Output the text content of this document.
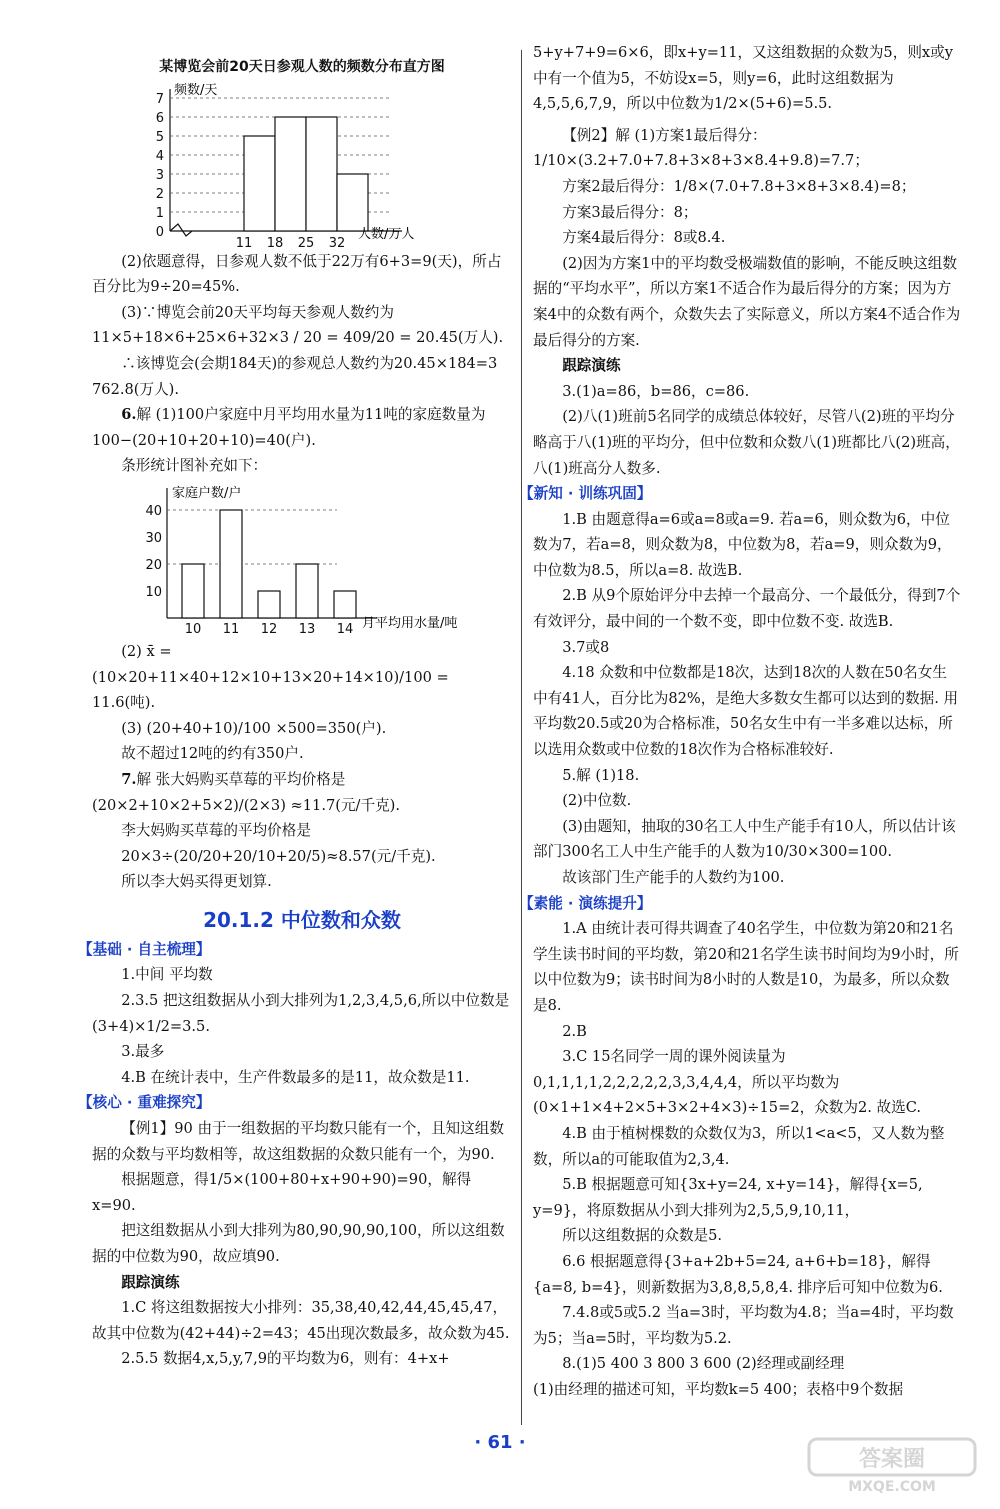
某博览会前20天日参观人数的频数分布直方图

0
1
2
3
4
5
6
7
频数/天
11 18 25 32
人数/万人

(2)依题意得，日参观人数不低于22万有6+3=9(天)，所占百分比为9÷20=45%.

(3)∵博览会前20天平均每天参观人数约为

11×5+18×6+25×6+32×3 / 20 = 409/20 = 20.45(万人).

∴该博览会(会期184天)的参观总人数约为20.45×184=3 762.8(万人).

6.解 (1)100户家庭中月平均用水量为11吨的家庭数量为100−(20+10+20+10)=40(户).

条形统计图补充如下：

10
20
30
40
家庭户数/户
10 11 12 13 14 月平均用水量/吨

(2) x̄ = (10×20+11×40+12×10+13×20+14×10)/100 =

11.6(吨).

(3) (20+40+10)/100 ×500=350(户).

故不超过12吨的约有350户.

7.解 张大妈购买草莓的平均价格是

(20×2+10×2+5×2)/(2×3) ≈11.7(元/千克).

李大妈购买草莓的平均价格是

20×3÷(20/20+20/10+20/5)≈8.57(元/千克).

所以李大妈买得更划算.

20.1.2 中位数和众数

【基础 · 自主梳理】

1.中间 平均数

2.3.5 把这组数据从小到大排列为1,2,3,4,5,6,所以中位数是(3+4)×1/2=3.5.

3.最多

4.B 在统计表中，生产件数最多的是11，故众数是11.

【核心 · 重难探究】

【例1】90 由于一组数据的平均数只能有一个，且知这组数据的众数与平均数相等，故这组数据的众数只能有一个，为90.

根据题意，得1/5×(100+80+x+90+90)=90，解得x=90.

把这组数据从小到大排列为80,90,90,90,100，所以这组数据的中位数为90，故应填90.

跟踪演练

1.C 将这组数据按大小排列：35,38,40,42,44,45,45,47，故其中位数为(42+44)÷2=43；45出现次数最多，故众数为45.

2.5.5 数据4,x,5,y,7,9的平均数为6，则有：4+x+

5+y+7+9=6×6，即x+y=11，又这组数据的众数为5，则x或y中有一个值为5，不妨设x=5，则y=6，此时这组数据为4,5,5,6,7,9，所以中位数为1/2×(5+6)=5.5.

【例2】解 (1)方案1最后得分：1/10×(3.2+7.0+7.8+3×8+3×8.4+9.8)=7.7；

方案2最后得分：1/8×(7.0+7.8+3×8+3×8.4)=8；

方案3最后得分：8；

方案4最后得分：8或8.4.

(2)因为方案1中的平均数受极端数值的影响，不能反映这组数据的“平均水平”，所以方案1不适合作为最后得分的方案；因为方案4中的众数有两个，众数失去了实际意义，所以方案4不适合作为最后得分的方案.

跟踪演练

3.(1)a=86，b=86，c=86.

(2)八(1)班前5名同学的成绩总体较好，尽管八(2)班的平均分略高于八(1)班的平均分，但中位数和众数八(1)班都比八(2)班高，八(1)班高分人数多.

【新知 · 训练巩固】

1.B 由题意得a=6或a=8或a=9. 若a=6，则众数为6，中位数为7，若a=8，则众数为8，中位数为8，若a=9，则众数为9，中位数为8.5，所以a=8. 故选B.

2.B 从9个原始评分中去掉一个最高分、一个最低分，得到7个有效评分，最中间的一个数不变，即中位数不变. 故选B.

3.7或8

4.18 众数和中位数都是18次，达到18次的人数在50名女生中有41人，百分比为82%，是绝大多数女生都可以达到的数据. 用平均数20.5或20为合格标准，50名女生中有一半多难以达标，所以选用众数或中位数的18次作为合格标准较好.

5.解 (1)18.

(2)中位数.

(3)由题知，抽取的30名工人中生产能手有10人，所以估计该部门300名工人中生产能手的人数为10/30×300=100.

故该部门生产能手的人数约为100.

【素能 · 演练提升】

1.A 由统计表可得共调查了40名学生，中位数为第20和21名学生读书时间的平均数，第20和21名学生读书时间均为9小时，所以中位数为9；读书时间为8小时的人数是10，为最多，所以众数是8.

2.B

3.C 15名同学一周的课外阅读量为0,1,1,1,1,2,2,2,2,2,3,3,4,4,4，所以平均数为(0×1+1×4+2×5+3×2+4×3)÷15=2，众数为2. 故选C.

4.B 由于植树棵数的众数仅为3，所以1<a<5，又人数为整数，所以a的可能取值为2,3,4.

5.B 根据题意可知{3x+y=24, x+y=14}，解得{x=5, y=9}，将原数据从小到大排列为2,5,5,9,10,11，

所以这组数据的众数是5.

6.6 根据题意得{3+a+2b+5=24, a+6+b=18}，解得{a=8, b=4}，则新数据为3,8,8,5,8,4. 排序后可知中位数为6.

7.4.8或5或5.2 当a=3时，平均数为4.8；当a=4时，平均数为5；当a=5时，平均数为5.2.

8.(1)5 400 3 800 3 600 (2)经理或副经理

(1)由经理的描述可知，平均数k=5 400；表格中9个数据

· 61 ·
答案圈
MXQE.COM
